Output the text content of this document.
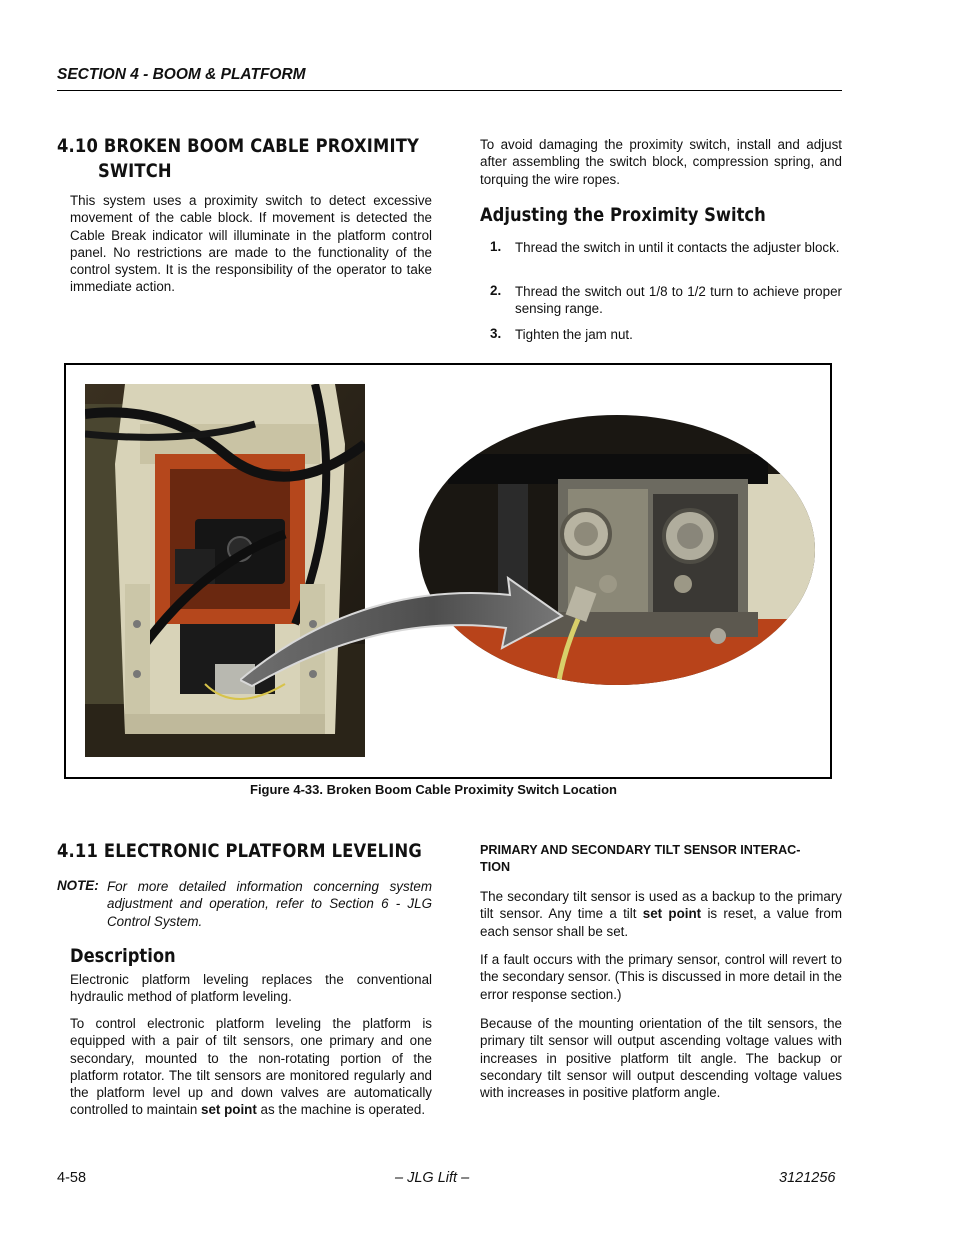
SECTION 4 - BOOM & PLATFORM
4.10 BROKEN BOOM CABLE PROXIMITY
SWITCH
This system uses a proximity switch to detect excessive movement of the cable block. If movement is detected the Cable Break indicator will illuminate in the platform control panel. No restrictions are made to the functionality of the control system. It is the responsibility of the operator to take immediate action.
To avoid damaging the proximity switch, install and adjust after assembling the switch block, compression spring, and torquing the wire ropes.
Adjusting the Proximity Switch
1. Thread the switch in until it contacts the adjuster block.
2. Thread the switch out 1/8 to 1/2 turn to achieve proper sensing range.
3. Tighten the jam nut.
Figure 4-33. Broken Boom Cable Proximity Switch Location
4.11 ELECTRONIC PLATFORM LEVELING
NOTE: For more detailed information concerning system adjustment and operation, refer to Section 6 - JLG Control System.
Description
Electronic platform leveling replaces the conventional hydraulic method of platform leveling.
To control electronic platform leveling the platform is equipped with a pair of tilt sensors, one primary and one secondary, mounted to the non-rotating portion of the platform rotator. The tilt sensors are monitored regularly and the platform level up and down valves are automatically controlled to maintain set point as the machine is operated.
PRIMARY AND SECONDARY TILT SENSOR INTERAC-
TION
The secondary tilt sensor is used as a backup to the primary tilt sensor. Any time a tilt set point is reset, a value from each sensor shall be set.
If a fault occurs with the primary sensor, control will revert to the secondary sensor. (This is discussed in more detail in the error response section.)
Because of the mounting orientation of the tilt sensors, the primary tilt sensor will output ascending voltage values with increases in positive platform tilt angle. The backup or secondary tilt sensor will output descending voltage values with increases in positive platform angle.
4-58	– JLG Lift –	3121256
